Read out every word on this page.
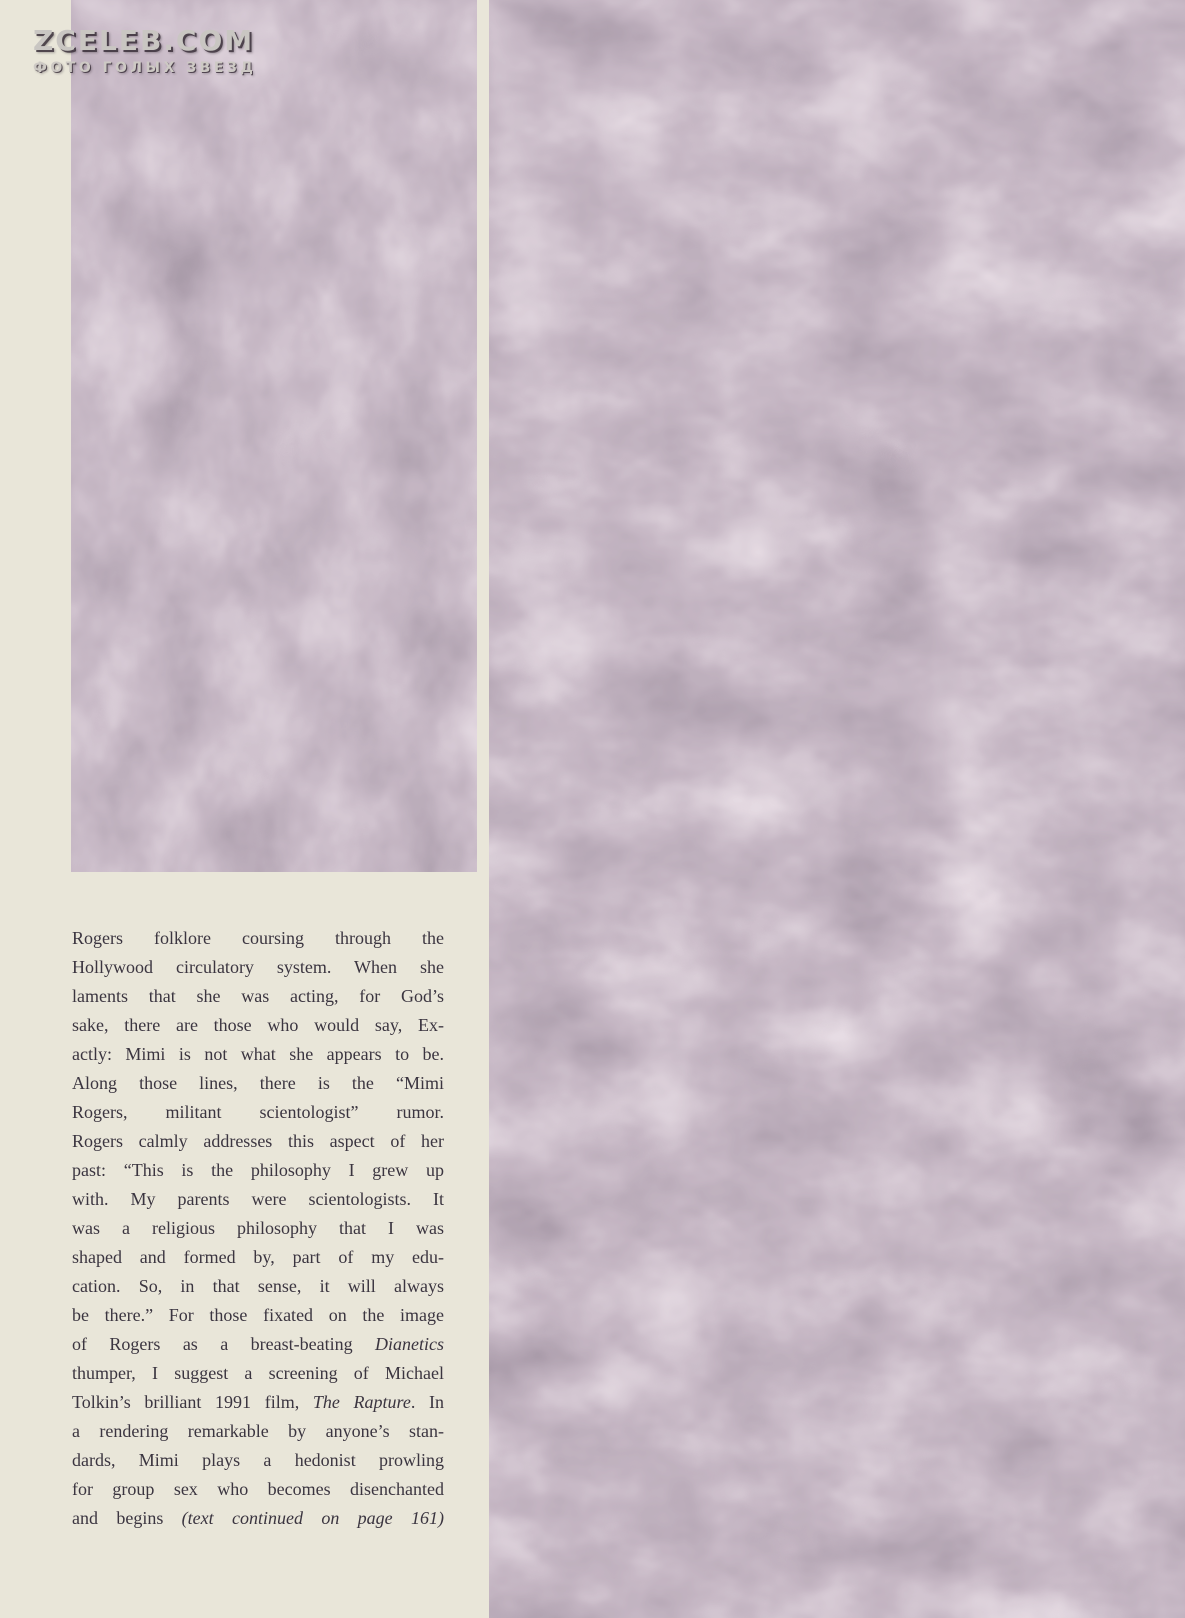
ZCELEB.COM
ФОТО ГОЛЫХ ЗВЕЗД
Rogers folklore coursing through the
Hollywood circulatory system. When she
laments that she was acting, for God’s
sake, there are those who would say, Ex-
actly: Mimi is not what she appears to be.
Along those lines, there is the “Mimi
Rogers, militant scientologist” rumor.
Rogers calmly addresses this aspect of her
past: “This is the philosophy I grew up
with. My parents were scientologists. It
was a religious philosophy that I was
shaped and formed by, part of my edu-
cation. So, in that sense, it will always
be there.” For those fixated on the image
of Rogers as a breast-beating Dianetics
thumper, I suggest a screening of Michael
Tolkin’s brilliant 1991 film, The Rapture. In
a rendering remarkable by anyone’s stan-
dards, Mimi plays a hedonist prowling
for group sex who becomes disenchanted
and begins (text continued on page 161)
